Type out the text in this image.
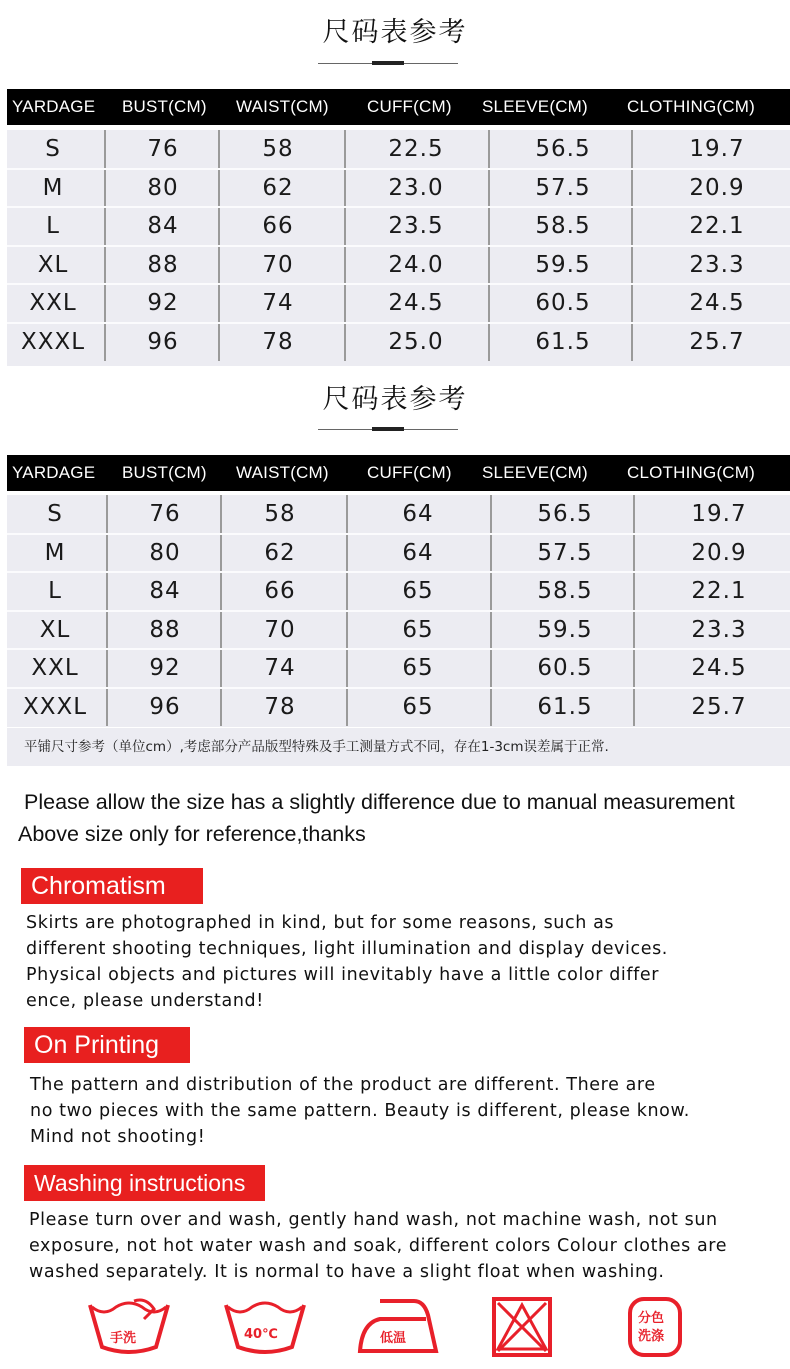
尺码表参考
YARDAGE BUST(CM) WAIST(CM) CUFF(CM) SLEEVE(CM) CLOTHING(CM)
S	76	58	22.5	56.5	19.7
M	80	62	23.0	57.5	20.9
L	84	66	23.5	58.5	22.1
XL	88	70	24.0	59.5	23.3
XXL	92	74	24.5	60.5	24.5
XXXL	96	78	25.0	61.5	25.7
尺码表参考
YARDAGE BUST(CM) WAIST(CM) CUFF(CM) SLEEVE(CM) CLOTHING(CM)
S	76	58	64	56.5	19.7
M	80	62	64	57.5	20.9
L	84	66	65	58.5	22.1
XL	88	70	65	59.5	23.3
XXL	92	74	65	60.5	24.5
XXXL	96	78	65	61.5	25.7
平铺尺寸参考（单位cm）,考虑部分产品版型特殊及手工测量方式不同，存在1-3cm误差属于正常.
Please allow the size has a slightly difference due to manual measurement
Above size only for reference,thanks
Chromatism
Skirts are photographed in kind, but for some reasons, such as
different shooting techniques, light illumination and display devices.
Physical objects and pictures will inevitably have a little color differ
ence, please understand!
On Printing
The pattern and distribution of the product are different. There are
no two pieces with the same pattern. Beauty is different, please know.
Mind not shooting!
Washing instructions
Please turn over and wash, gently hand wash, not machine wash, not sun
exposure, not hot water wash and soak, different colors Colour clothes are
washed separately. It is normal to have a slight float when washing.
手洗	40℃	低温
分色
洗涤
